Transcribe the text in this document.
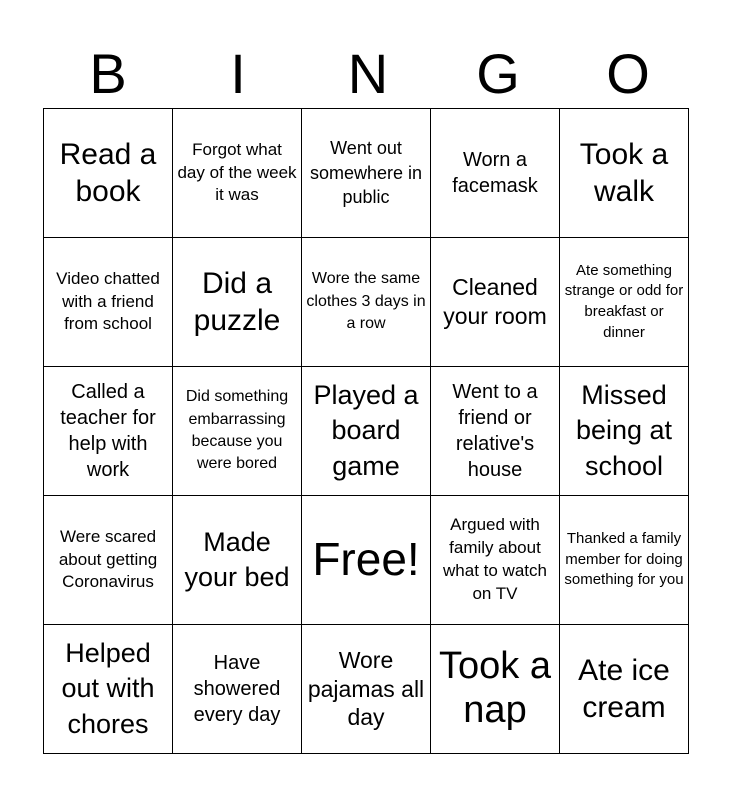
B	I	N	G	O
Read a book	Forgot what day of the week it was	Went out somewhere in public	Worn a facemask	Took a walk
Video chatted with a friend from school	Did a puzzle	Wore the same clothes 3 days in a row	Cleaned your room	Ate something strange or odd for breakfast or dinner
Called a teacher for help with work	Did something embarrassing because you were bored	Played a board game	Went to a friend or relative's house	Missed being at school
Were scared about getting Coronavirus	Made your bed	Free!	Argued with family about what to watch on TV	Thanked a family member for doing something for you
Helped out with chores	Have showered every day	Wore pajamas all day	Took a nap	Ate ice cream
